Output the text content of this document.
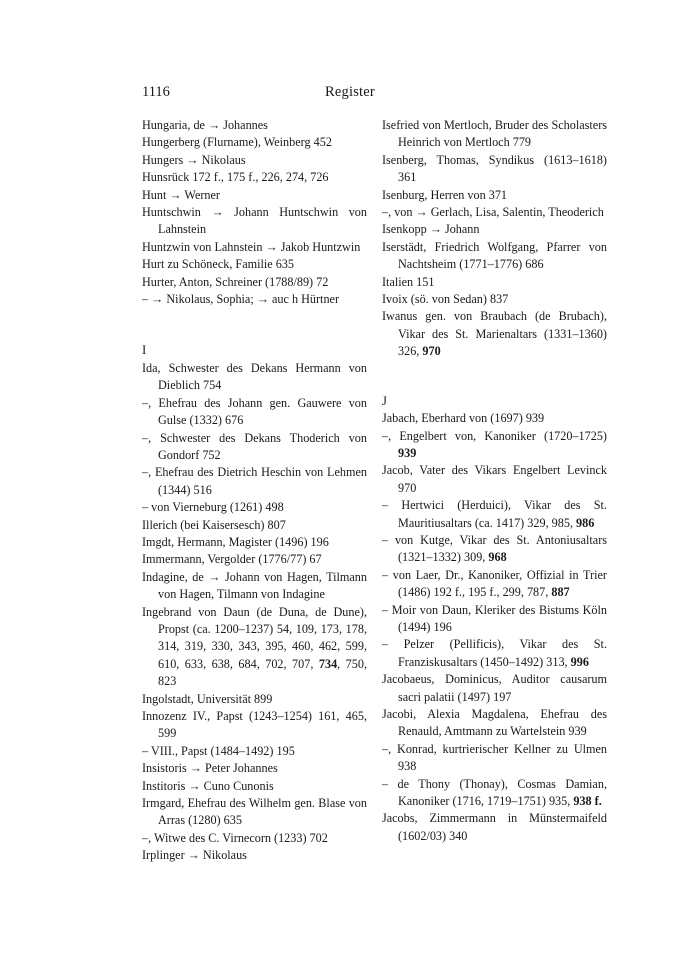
1116	Register
Hungaria, de → Johannes
Hungerberg (Flurname), Weinberg 452
Hungers → Nikolaus
Hunsrück 172 f., 175 f., 226, 274, 726
Hunt → Werner
Huntschwin → Johann Huntschwin von Lahnstein
Huntzwin von Lahnstein → Jakob Huntzwin
Hurt zu Schöneck, Familie 635
Hurter, Anton, Schreiner (1788/89) 72
– → Nikolaus, Sophia; → auc h Hürtner
I
Ida, Schwester des Dekans Hermann von Dieblich 754
–, Ehefrau des Johann gen. Gauwere von Gulse (1332) 676
–, Schwester des Dekans Thoderich von Gondorf 752
–, Ehefrau des Dietrich Heschin von Lehmen (1344) 516
– von Vierneburg (1261) 498
Illerich (bei Kaisersesch) 807
Imgdt, Hermann, Magister (1496) 196
Immermann, Vergolder (1776/77) 67
Indagine, de → Johann von Hagen, Tilmann von Hagen, Tilmann von Indagine
Ingebrand von Daun (de Duna, de Dune), Propst (ca. 1200–1237) 54, 109, 173, 178, 314, 319, 330, 343, 395, 460, 462, 599, 610, 633, 638, 684, 702, 707, 734, 750, 823
Ingolstadt, Universität 899
Innozenz IV., Papst (1243–1254) 161, 465, 599
– VIII., Papst (1484–1492) 195
Insistoris → Peter Johannes
Institoris → Cuno Cunonis
Irmgard, Ehefrau des Wilhelm gen. Blase von Arras (1280) 635
–, Witwe des C. Virnecorn (1233) 702
Irplinger → Nikolaus
Isefried von Mertloch, Bruder des Scholasters Heinrich von Mertloch 779
Isenberg, Thomas, Syndikus (1613–1618) 361
Isenburg, Herren von 371
–, von → Gerlach, Lisa, Salentin, Theoderich
Isenkopp → Johann
Iserstädt, Friedrich Wolfgang, Pfarrer von Nachtsheim (1771–1776) 686
Italien 151
Ivoix (sö. von Sedan) 837
Iwanus gen. von Braubach (de Brubach), Vikar des St. Marienaltars (1331–1360) 326, 970
J
Jabach, Eberhard von (1697) 939
–, Engelbert von, Kanoniker (1720–1725) 939
Jacob, Vater des Vikars Engelbert Levinck 970
– Hertwici (Herduici), Vikar des St. Mauritiusaltars (ca. 1417) 329, 985, 986
– von Kutge, Vikar des St. Antoniusaltars (1321–1332) 309, 968
– von Laer, Dr., Kanoniker, Offizial in Trier (1486) 192 f., 195 f., 299, 787, 887
– Moir von Daun, Kleriker des Bistums Köln (1494) 196
– Pelzer (Pellificis), Vikar des St. Franziskusaltars (1450–1492) 313, 996
Jacobaeus, Dominicus, Auditor causarum sacri palatii (1497) 197
Jacobi, Alexia Magdalena, Ehefrau des Renauld, Amtmann zu Wartelstein 939
–, Konrad, kurtrierischer Kellner zu Ulmen 938
– de Thony (Thonay), Cosmas Damian, Kanoniker (1716, 1719–1751) 935, 938 f.
Jacobs, Zimmermann in Münstermaifeld (1602/03) 340
